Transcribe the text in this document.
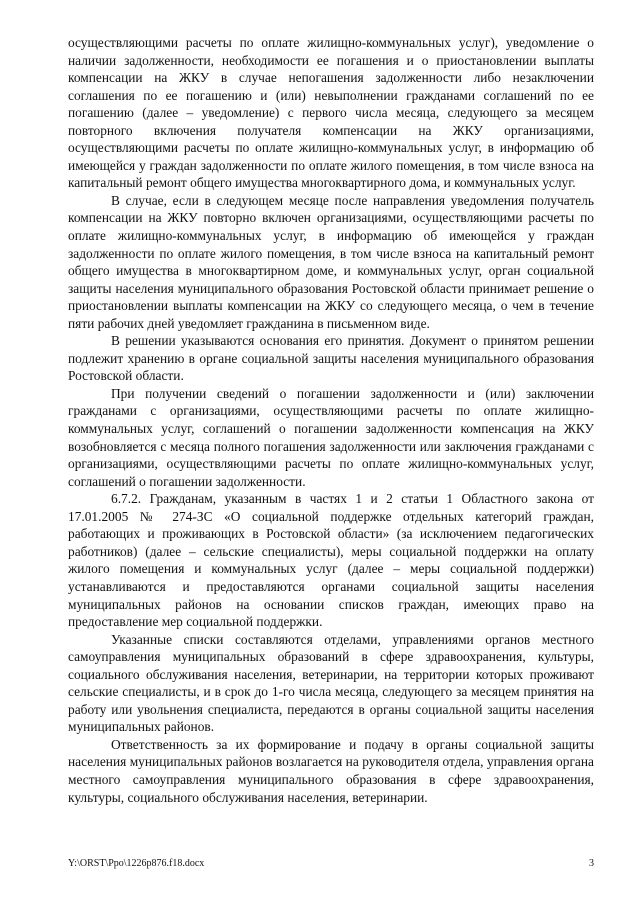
осуществляющими расчеты по оплате жилищно-коммунальных услуг), уведомление о наличии задолженности, необходимости ее погашения и о приостановлении выплаты компенсации на ЖКУ в случае непогашения задолженности либо незаключении соглашения по ее погашению и (или) невыполнении гражданами соглашений по ее погашению (далее – уведомление) с первого числа месяца, следующего за месяцем повторного включения получателя компенсации на ЖКУ организациями, осуществляющими расчеты по оплате жилищно-коммунальных услуг, в информацию об имеющейся у граждан задолженности по оплате жилого помещения, в том числе взноса на капитальный ремонт общего имущества многоквартирного дома, и коммунальных услуг.

В случае, если в следующем месяце после направления уведомления получатель компенсации на ЖКУ повторно включен организациями, осуществляющими расчеты по оплате жилищно-коммунальных услуг, в информацию об имеющейся у граждан задолженности по оплате жилого помещения, в том числе взноса на капитальный ремонт общего имущества в многоквартирном доме, и коммунальных услуг, орган социальной защиты населения муниципального образования Ростовской области принимает решение о приостановлении выплаты компенсации на ЖКУ со следующего месяца, о чем в течение пяти рабочих дней уведомляет гражданина в письменном виде.

В решении указываются основания его принятия. Документ о принятом решении подлежит хранению в органе социальной защиты населения муниципального образования Ростовской области.

При получении сведений о погашении задолженности и (или) заключении гражданами с организациями, осуществляющими расчеты по оплате жилищно-коммунальных услуг, соглашений о погашении задолженности компенсация на ЖКУ возобновляется с месяца полного погашения задолженности или заключения гражданами с организациями, осуществляющими расчеты по оплате жилищно-коммунальных услуг, соглашений о погашении задолженности.

6.7.2. Гражданам, указанным в частях 1 и 2 статьи 1 Областного закона от 17.01.2005 № 274-ЗС «О социальной поддержке отдельных категорий граждан, работающих и проживающих в Ростовской области» (за исключением педагогических работников) (далее – сельские специалисты), меры социальной поддержки на оплату жилого помещения и коммунальных услуг (далее – меры социальной поддержки) устанавливаются и предоставляются органами социальной защиты населения муниципальных районов на основании списков граждан, имеющих право на предоставление мер социальной поддержки.

Указанные списки составляются отделами, управлениями органов местного самоуправления муниципальных образований в сфере здравоохранения, культуры, социального обслуживания населения, ветеринарии, на территории которых проживают сельские специалисты, и в срок до 1-го числа месяца, следующего за месяцем принятия на работу или увольнения специалиста, передаются в органы социальной защиты населения муниципальных районов.

Ответственность за их формирование и подачу в органы социальной защиты населения муниципальных районов возлагается на руководителя отдела, управления органа местного самоуправления муниципального образования в сфере здравоохранения, культуры, социального обслуживания населения, ветеринарии.

Y:\ORST\Ppo\1226p876.f18.docx	3
